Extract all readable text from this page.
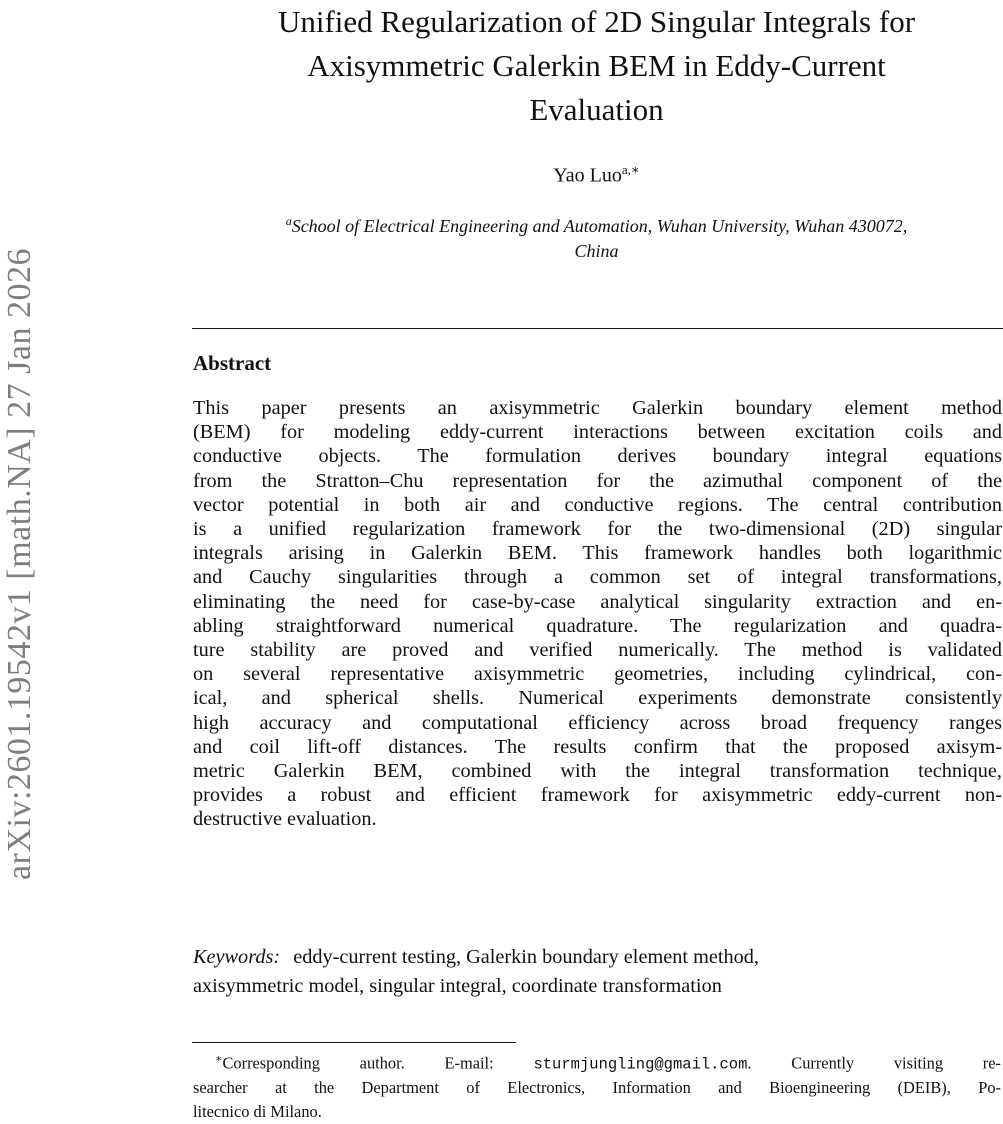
arXiv:2601.19542v1 [math.NA] 27 Jan 2026
Unified Regularization of 2D Singular Integrals for
Axisymmetric Galerkin BEM in Eddy-Current
Evaluation
Yao Luo$^{a,∗}$
$^a$School of Electrical Engineering and Automation, Wuhan University, Wuhan 430072,
China
Abstract
This paper presents an axisymmetric Galerkin boundary element method
(BEM) for modeling eddy-current interactions between excitation coils and
conductive objects. The formulation derives boundary integral equations
from the Stratton–Chu representation for the azimuthal component of the
vector potential in both air and conductive regions. The central contribution
is a unified regularization framework for the two-dimensional (2D) singular
integrals arising in Galerkin BEM. This framework handles both logarithmic
and Cauchy singularities through a common set of integral transformations,
eliminating the need for case-by-case analytical singularity extraction and en-
abling straightforward numerical quadrature. The regularization and quadra-
ture stability are proved and verified numerically. The method is validated
on several representative axisymmetric geometries, including cylindrical, con-
ical, and spherical shells. Numerical experiments demonstrate consistently
high accuracy and computational efficiency across broad frequency ranges
and coil lift-off distances. The results confirm that the proposed axisym-
metric Galerkin BEM, combined with the integral transformation technique,
provides a robust and efficient framework for axisymmetric eddy-current non-
destructive evaluation.
Keywords: eddy-current testing, Galerkin boundary element method,
axisymmetric model, singular integral, coordinate transformation
∗Corresponding author. E-mail: sturmjungling@gmail.com. Currently visiting re-
searcher at the Department of Electronics, Information and Bioengineering (DEIB), Po-
litecnico di Milano.
